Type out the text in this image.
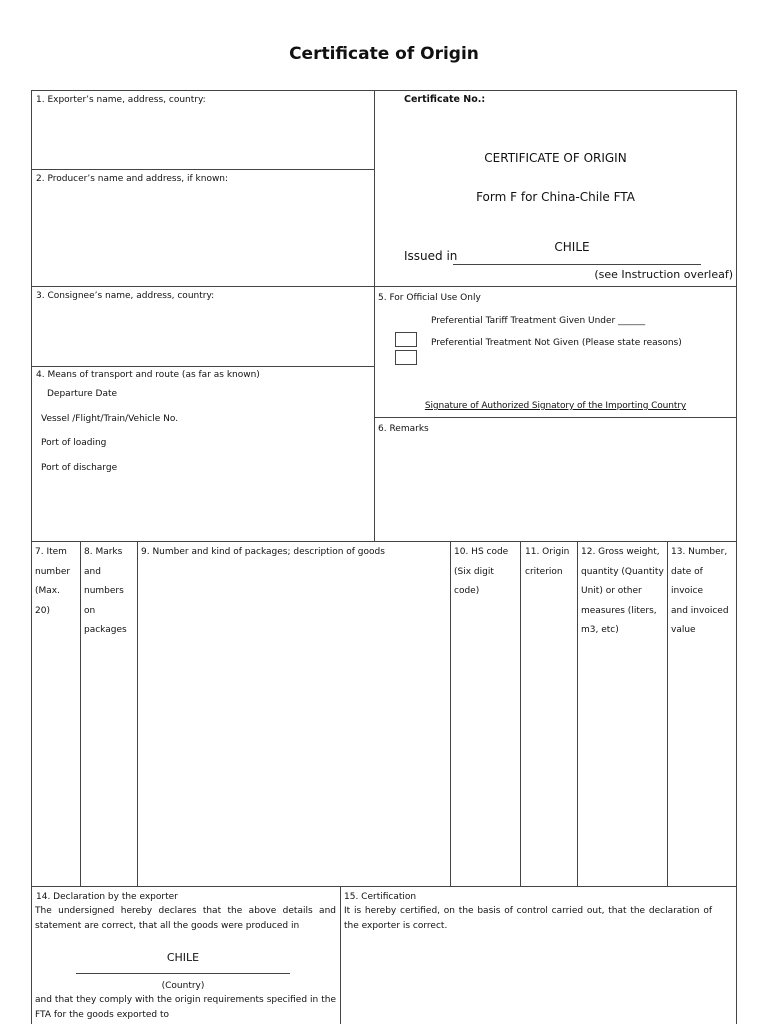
Certificate of Origin
1. Exporter’s name, address, country:
2. Producer’s name and address, if known:
Certificate No.:
CERTIFICATE OF ORIGIN
Form F for China-Chile FTA
Issued in
CHILE
(see Instruction overleaf)
3. Consignee’s name, address, country:
4. Means of transport and route (as far as known)
Departure Date
Vessel /Flight/Train/Vehicle No.
Port of loading
Port of discharge
5. For Official Use Only
Preferential Tariff Treatment Given Under ______
Preferential Treatment Not Given (Please state reasons)
Signature of Authorized Signatory of the Importing Country
6. Remarks
7. Item
number
(Max.
20)
8. Marks
and
numbers
on
packages
9. Number and kind of packages; description of goods	10. HS code
(Six digit
code)
11. Origin
criterion
12. Gross weight,
quantity (Quantity
Unit) or other
measures (liters,
m3, etc)
13. Number,
date of
invoice
and invoiced
value
14. Declaration by the exporter
The undersigned hereby declares that the above details and statement are correct, that all the goods were produced in
CHILE
(Country)
and that they comply with the origin requirements specified in the FTA for the goods exported to
15. Certification
It is hereby certified, on the basis of control carried out, that the declaration of the exporter is correct.
